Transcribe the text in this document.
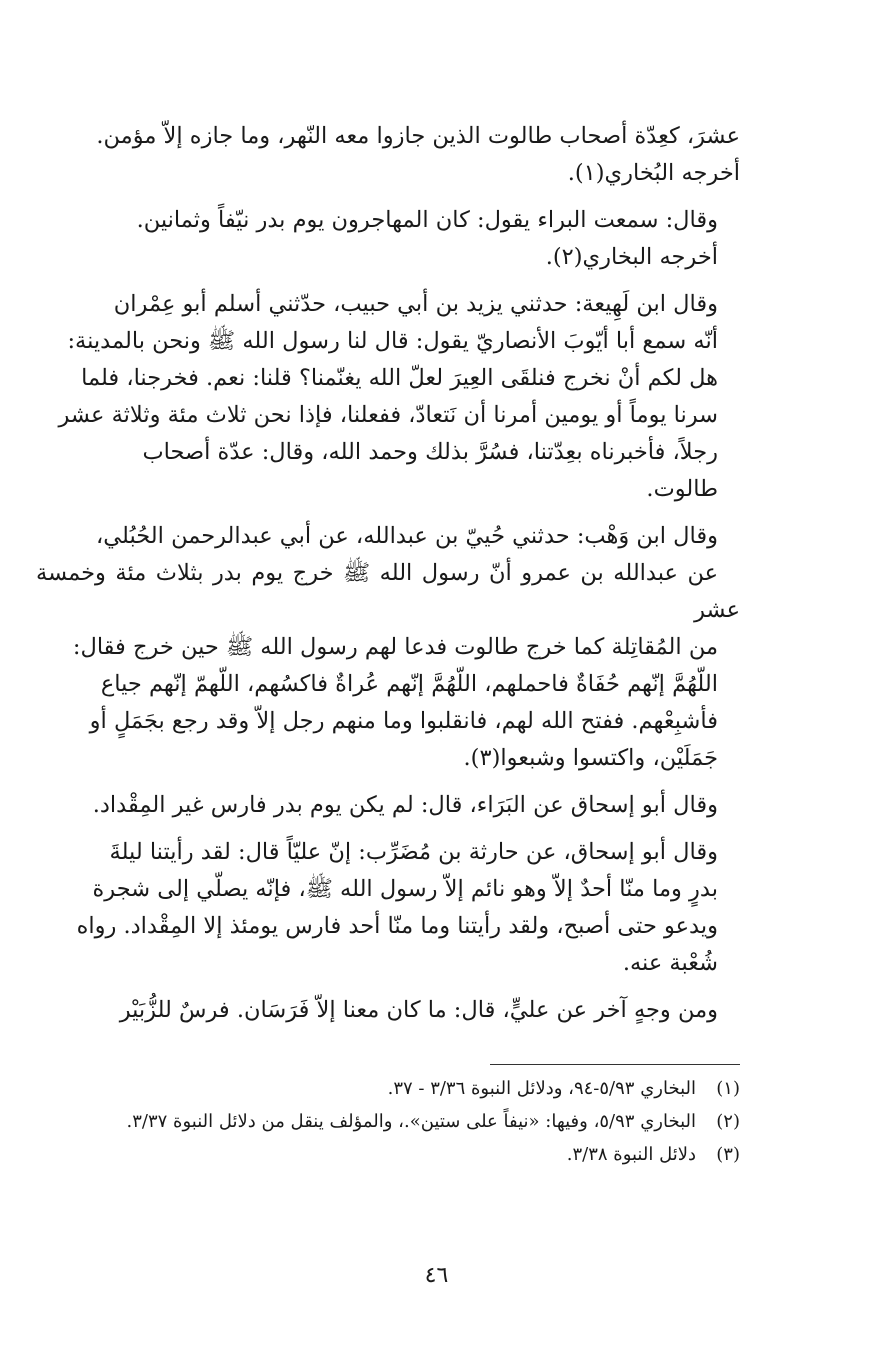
عشرَ، كعِدّة أصحاب طالوت الذين جازوا معه النّهر، وما جازه إلاّ مؤمن.
أخرجه البُخاري(١).

وقال: سمعت البراء يقول: كان المهاجرون يوم بدر نيّفاً وثمانين.
أخرجه البخاري(٢).

وقال ابن لَهِيعة: حدثني يزيد بن أبي حبيب، حدّثني أسلم أبو عِمْران
أنّه سمع أبا أيّوبَ الأنصاريّ يقول: قال لنا رسول الله ﷺ ونحن بالمدينة:
هل لكم أنْ نخرج فنلقَى العِيرَ لعلّ الله يغنّمنا؟ قلنا: نعم. فخرجنا، فلما
سرنا يوماً أو يومين أمرنا أن نَتعادّ، ففعلنا، فإذا نحن ثلاث مئة وثلاثة عشر
رجلاً، فأخبرناه بعِدّتنا، فسُرَّ بذلك وحمد الله، وقال: عدّة أصحاب
طالوت.

وقال ابن وَهْب: حدثني حُييّ بن عبدالله، عن أبي عبدالرحمن الحُبُلي،
عن عبدالله بن عمرو أنّ رسول الله ﷺ خرج يوم بدر بثلاث مئة وخمسة عشر
من المُقاتِلة كما خرج طالوت فدعا لهم رسول الله ﷺ حين خرج فقال:
اللّهُمَّ إنّهم حُفَاةٌ فاحملهم، اللّهُمَّ إنّهم عُراةٌ فاكسُهم، اللّهمّ إنّهم جياع
فأشبِعْهم. ففتح الله لهم، فانقلبوا وما منهم رجل إلاّ وقد رجع بجَمَلٍ أو
جَمَلَيْن، واكتسوا وشبعوا(٣).

وقال أبو إسحاق عن البَرَاء، قال: لم يكن يوم بدر فارس غير المِقْداد.

وقال أبو إسحاق، عن حارثة بن مُضَرِّب: إنّ عليّاً قال: لقد رأيتنا ليلةَ
بدرٍ وما منّا أحدٌ إلاّ وهو نائم إلاّ رسول الله ﷺ، فإنّه يصلّي إلى شجرة
ويدعو حتى أصبح، ولقد رأيتنا وما منّا أحد فارس يومئذ إلا المِقْداد. رواه
شُعْبة عنه.

ومن وجهٍ آخر عن عليٍّ، قال: ما كان معنا إلاّ فَرَسَان. فرسٌ للزُّبَيْر

(١)
البخاري ٥/٩٣-٩٤، ودلائل النبوة ٣/٣٦ - ٣٧.
(٢)
البخاري ٥/٩٣، وفيها: «نيفاً على ستين».، والمؤلف ينقل من دلائل النبوة ٣/٣٧.
(٣)
دلائل النبوة ٣/٣٨.
٤٦
